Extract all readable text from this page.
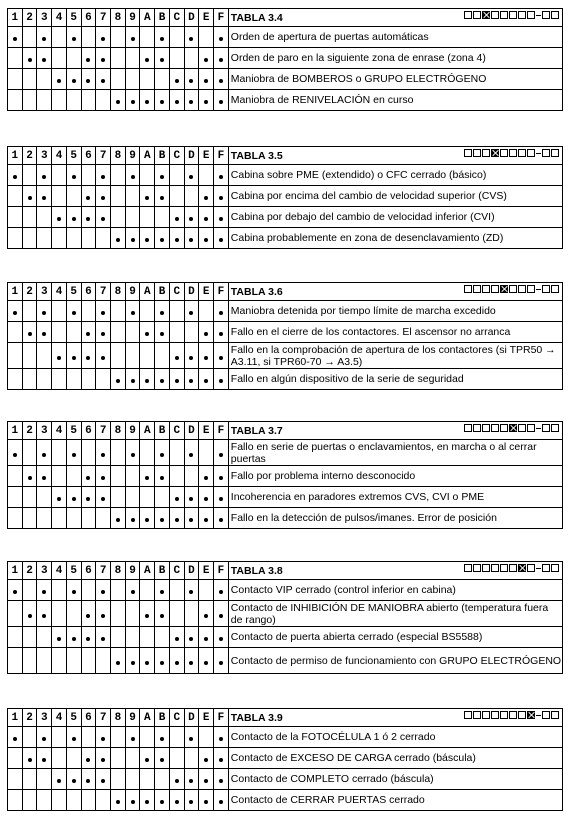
1	2	3	4	5	6	7	8	9	A	B	C	D	E	F	TABLA 3.4

															Orden de apertura de puertas automáticas
															Orden de paro en la siguiente zona de enrase (zona 4)
															Maniobra de BOMBEROS o GRUPO ELECTRÓGENO
															Maniobra de RENIVELACIÓN en curso
1	2	3	4	5	6	7	8	9	A	B	C	D	E	F	TABLA 3.5

															Cabina sobre PME (extendido) o CFC cerrado (básico)
															Cabina por encima del cambio de velocidad superior (CVS)
															Cabina por debajo del cambio de velocidad inferior (CVI)
															Cabina probablemente en zona de desenclavamiento (ZD)
1	2	3	4	5	6	7	8	9	A	B	C	D	E	F	TABLA 3.6

															Maniobra detenida por tiempo límite de marcha excedido
															Fallo en el cierre de los contactores. El ascensor no arranca
															Fallo en la comprobación de apertura de los contactores (si TPR50 → A3.11, si TPR60-70 → A3.5)
															Fallo en algún dispositivo de la serie de seguridad
1	2	3	4	5	6	7	8	9	A	B	C	D	E	F	TABLA 3.7

															Fallo en serie de puertas o enclavamientos, en marcha o al cerrar puertas
															Fallo por problema interno desconocido
															Incoherencia en paradores extremos CVS, CVI o PME
															Fallo en la detección de pulsos/imanes. Error de posición
1	2	3	4	5	6	7	8	9	A	B	C	D	E	F	TABLA 3.8

															Contacto VIP cerrado (control inferior en cabina)
															Contacto de INHIBICIÓN DE MANIOBRA abierto (temperatura fuera de rango)
															Contacto de puerta abierta cerrado (especial BS5588)
															Contacto de permiso de funcionamiento con GRUPO ELECTRÓGENO
1	2	3	4	5	6	7	8	9	A	B	C	D	E	F	TABLA 3.9

															Contacto de la FOTOCÉLULA 1 ó 2 cerrado
															Contacto de EXCESO DE CARGA cerrado (báscula)
															Contacto de COMPLETO cerrado (báscula)
															Contacto de CERRAR PUERTAS cerrado
